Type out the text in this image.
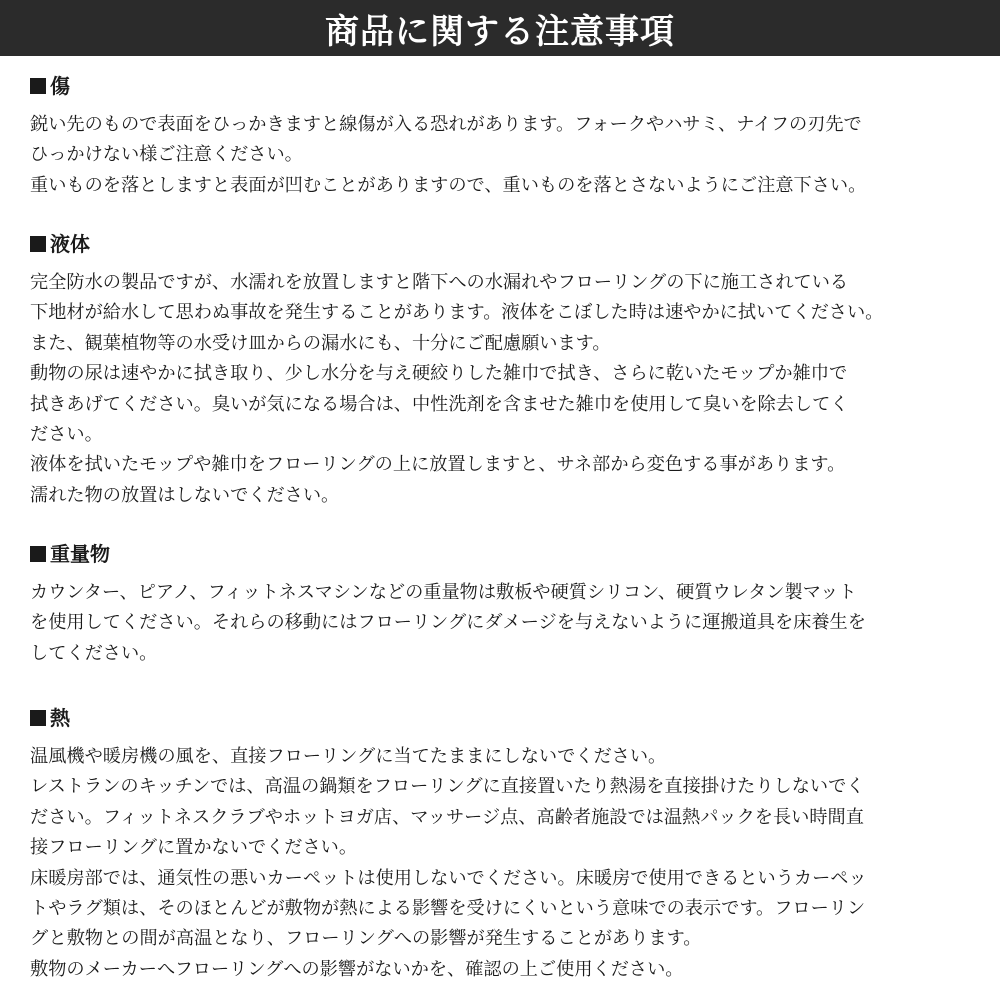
商品に関する注意事項
傷
鋭い先のもので表面をひっかきますと線傷が入る恐れがあります。フォークやハサミ、ナイフの刃先で
ひっかけない様ご注意ください。
重いものを落としますと表面が凹むことがありますので、重いものを落とさないようにご注意下さい。
液体
完全防水の製品ですが、水濡れを放置しますと階下への水漏れやフローリングの下に施工されている
下地材が給水して思わぬ事故を発生することがあります。液体をこぼした時は速やかに拭いてください。
また、観葉植物等の水受け皿からの漏水にも、十分にご配慮願います。
動物の尿は速やかに拭き取り、少し水分を与え硬絞りした雑巾で拭き、さらに乾いたモップか雑巾で
拭きあげてください。臭いが気になる場合は、中性洗剤を含ませた雑巾を使用して臭いを除去してく
ださい。
液体を拭いたモップや雑巾をフローリングの上に放置しますと、サネ部から変色する事があります。
濡れた物の放置はしないでください。
重量物
カウンター、ピアノ、フィットネスマシンなどの重量物は敷板や硬質シリコン、硬質ウレタン製マット
を使用してください。それらの移動にはフローリングにダメージを与えないように運搬道具を床養生を
してください。
熱
温風機や暖房機の風を、直接フローリングに当てたままにしないでください。
レストランのキッチンでは、高温の鍋類をフローリングに直接置いたり熱湯を直接掛けたりしないでく
ださい。フィットネスクラブやホットヨガ店、マッサージ点、高齢者施設では温熱パックを長い時間直
接フローリングに置かないでください。
床暖房部では、通気性の悪いカーペットは使用しないでください。床暖房で使用できるというカーペッ
トやラグ類は、そのほとんどが敷物が熱による影響を受けにくいという意味での表示です。フローリン
グと敷物との間が高温となり、フローリングへの影響が発生することがあります。
敷物のメーカーへフローリングへの影響がないかを、確認の上ご使用ください。
